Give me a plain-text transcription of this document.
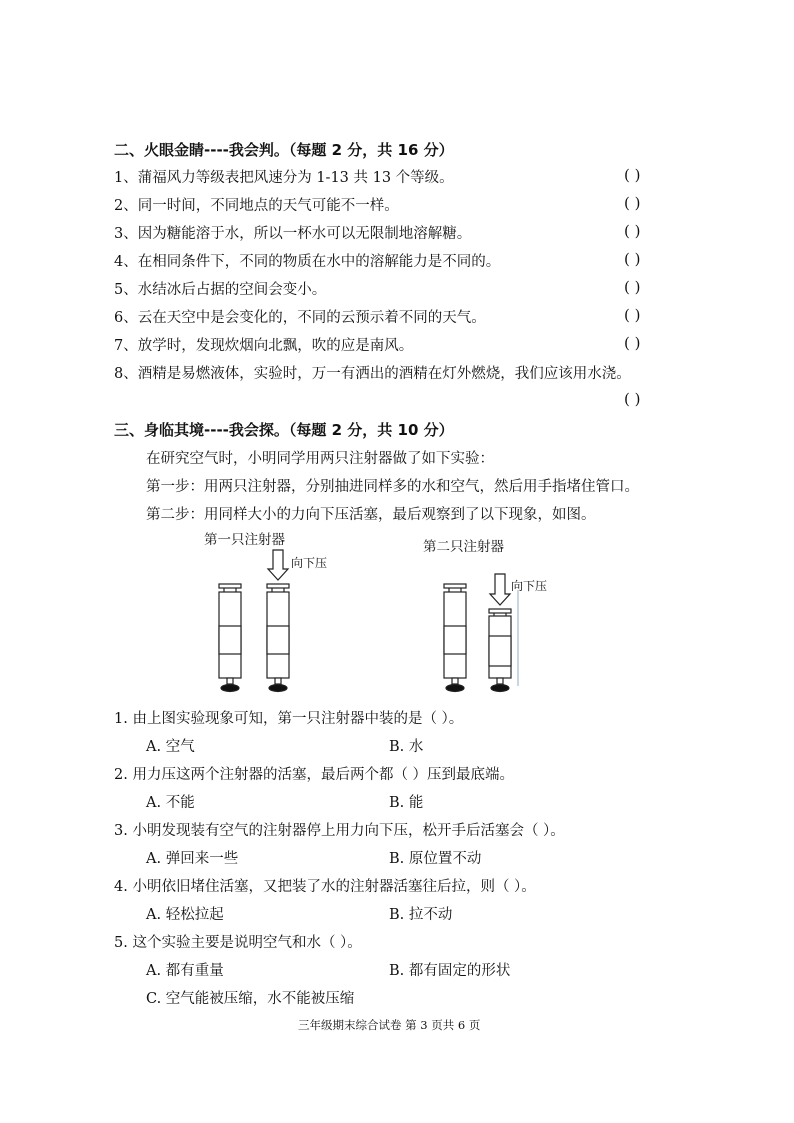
二、火眼金睛----我会判。（每题 2 分，共 16 分）
1、蒲福风力等级表把风速分为 1-13 共 13 个等级。	( )
2、同一时间，不同地点的天气可能不一样。	( )
3、因为糖能溶于水，所以一杯水可以无限制地溶解糖。	( )
4、在相同条件下，不同的物质在水中的溶解能力是不同的。	( )
5、水结冰后占据的空间会变小。	( )
6、云在天空中是会变化的，不同的云预示着不同的天气。	( )
7、放学时，发现炊烟向北飘，吹的应是南风。	( )
8、酒精是易燃液体，实验时，万一有洒出的酒精在灯外燃烧，我们应该用水浇。
( )
三、身临其境----我会探。（每题 2 分，共 10 分）
在研究空气时，小明同学用两只注射器做了如下实验：
第一步：用两只注射器，分别抽进同样多的水和空气，然后用手指堵住管口。
第二步：用同样大小的力向下压活塞，最后观察到了以下现象，如图。
第一只注射器	第二只注射器
向下压
向下压
1. 由上图实验现象可知，第一只注射器中装的是（ ）。
A. 空气	B. 水
2. 用力压这两个注射器的活塞，最后两个都（ ）压到最底端。
A. 不能	B. 能
3. 小明发现装有空气的注射器停上用力向下压，松开手后活塞会（ ）。
A. 弹回来一些	B. 原位置不动
4. 小明依旧堵住活塞，又把装了水的注射器活塞往后拉，则（ ）。
A. 轻松拉起	B. 拉不动
5. 这个实验主要是说明空气和水（ ）。
A. 都有重量	B. 都有固定的形状
C. 空气能被压缩，水不能被压缩
三年级期末综合试卷 第 3 页共 6 页
